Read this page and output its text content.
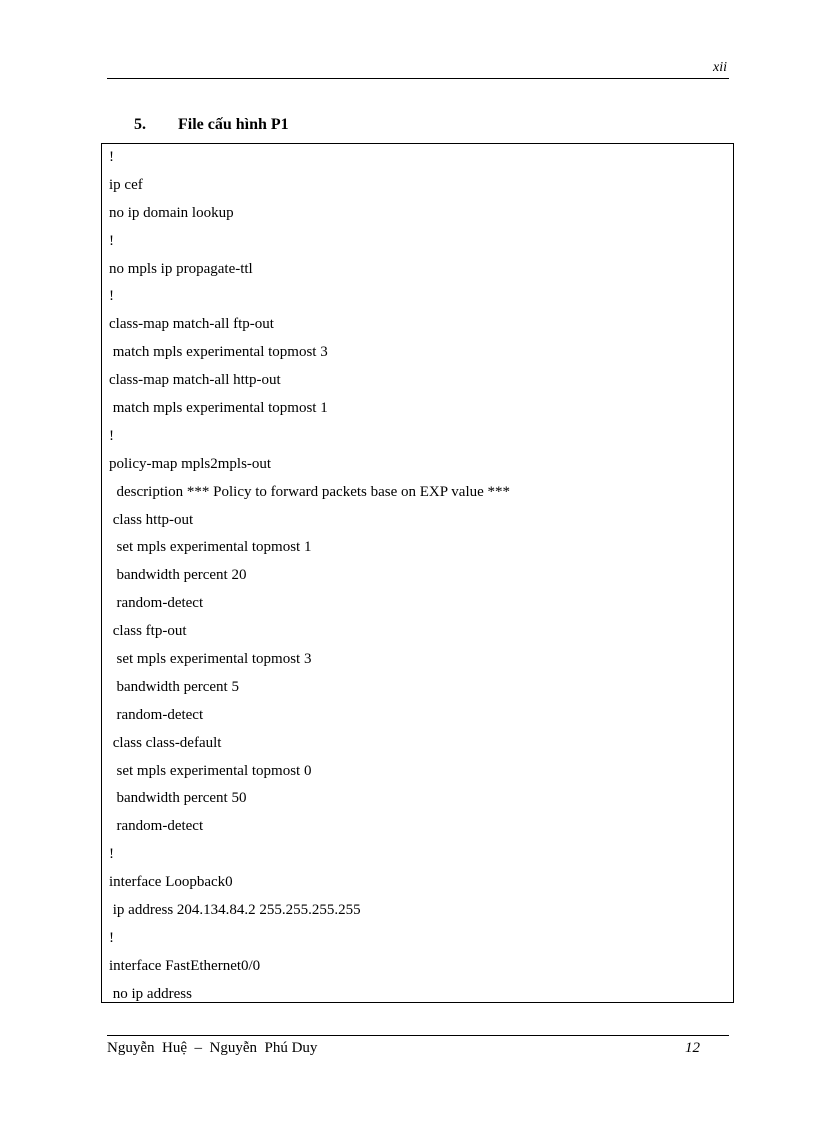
xii
5. File cấu hình P1
!
ip cef
no ip domain lookup
!
no mpls ip propagate-ttl
!
class-map match-all ftp-out
match mpls experimental topmost 3
class-map match-all http-out
match mpls experimental topmost 1
!
policy-map mpls2mpls-out
description *** Policy to forward packets base on EXP value ***
class http-out
set mpls experimental topmost 1
bandwidth percent 20
random-detect
class ftp-out
set mpls experimental topmost 3
bandwidth percent 5
random-detect
class class-default
set mpls experimental topmost 0
bandwidth percent 50
random-detect
!
interface Loopback0
ip address 204.134.84.2 255.255.255.255
!
interface FastEthernet0/0
no ip address
Nguyễn  Huệ  –  Nguyễn  Phú Duy	12
